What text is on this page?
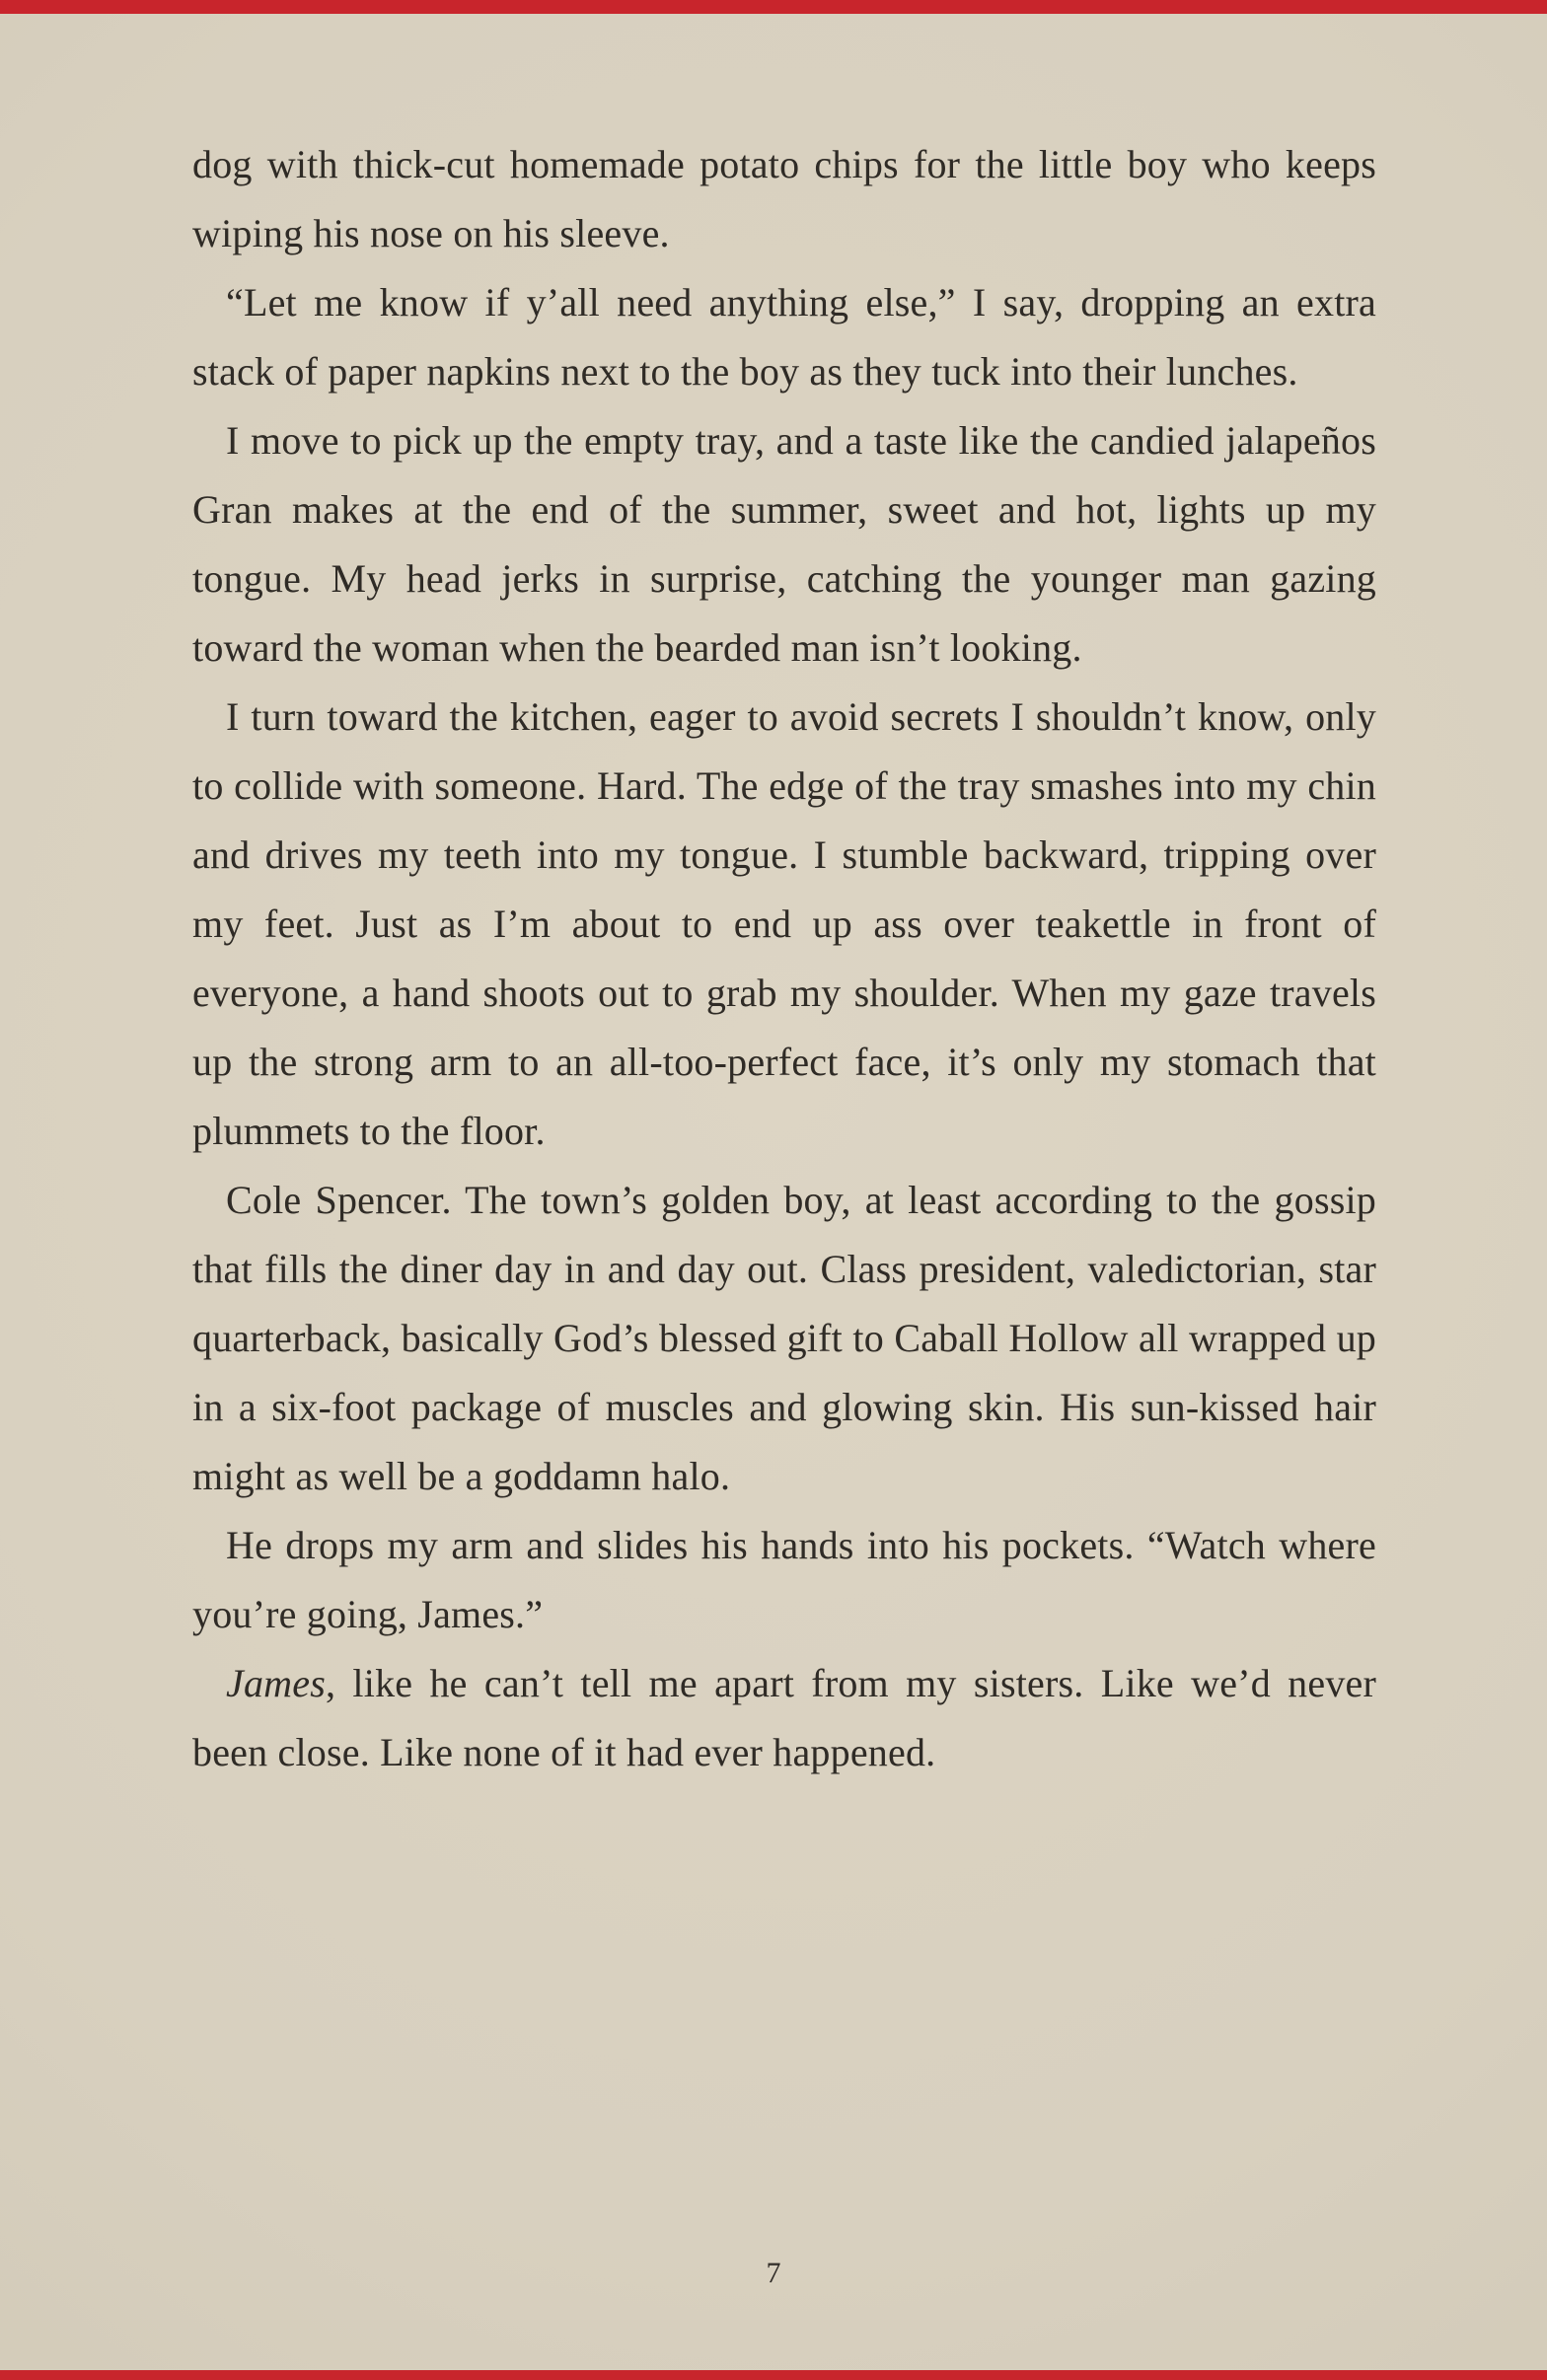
dog with thick-cut homemade potato chips for the little boy who keeps wiping his nose on his sleeve.

“Let me know if y’all need anything else,” I say, dropping an extra stack of paper napkins next to the boy as they tuck into their lunches.

I move to pick up the empty tray, and a taste like the candied jalapeños Gran makes at the end of the summer, sweet and hot, lights up my tongue. My head jerks in surprise, catching the younger man gazing toward the woman when the bearded man isn’t looking.

I turn toward the kitchen, eager to avoid secrets I shouldn’t know, only to collide with someone. Hard. The edge of the tray smashes into my chin and drives my teeth into my tongue. I stumble backward, tripping over my feet. Just as I’m about to end up ass over teakettle in front of everyone, a hand shoots out to grab my shoulder. When my gaze travels up the strong arm to an all-too-perfect face, it’s only my stomach that plummets to the floor.

Cole Spencer. The town’s golden boy, at least according to the gossip that fills the diner day in and day out. Class president, valedictorian, star quarterback, basically God’s blessed gift to Caball Hollow all wrapped up in a six-foot package of muscles and glowing skin. His sun-kissed hair might as well be a goddamn halo.

He drops my arm and slides his hands into his pockets. “Watch where you’re going, James.”

James, like he can’t tell me apart from my sisters. Like we’d never been close. Like none of it had ever happened.

7
